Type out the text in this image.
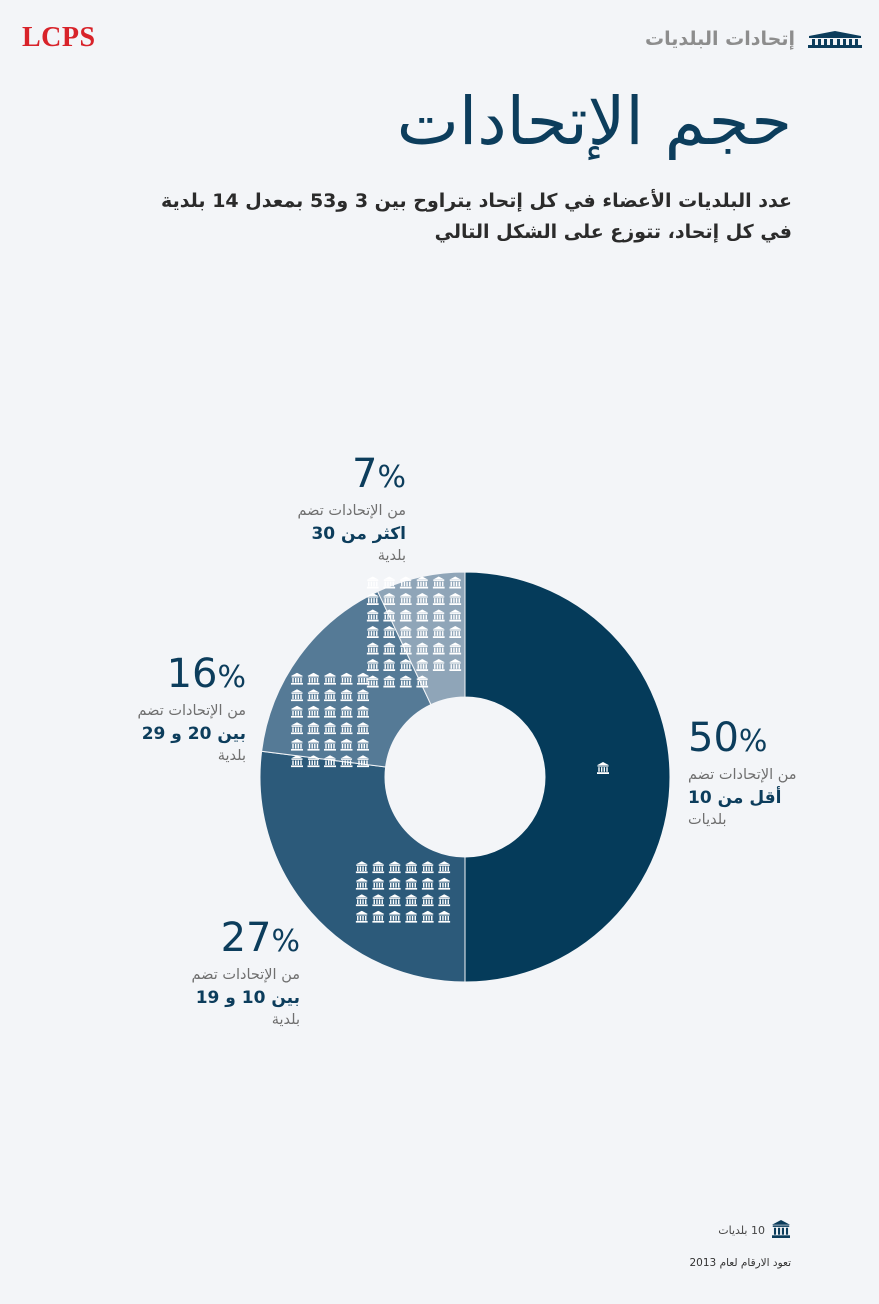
LCPS	إتحادات البلديات
حجم الإتحادات
عدد البلديات الأعضاء في كل إتحاد يتراوح بين 3 و53 بمعدل 14 بلدية في كل إتحاد، تتوزع على الشكل التالي
50%
من الإتحادات تضم
أقل من 10
بلديات
27%
من الإتحادات تضم
بين 10 و 19
بلدية
16%
من الإتحادات تضم
بين 20 و 29
بلدية
7%
من الإتحادات تضم
اكثر من 30
بلدية
10 بلديات
تعود الارقام لعام 2013
